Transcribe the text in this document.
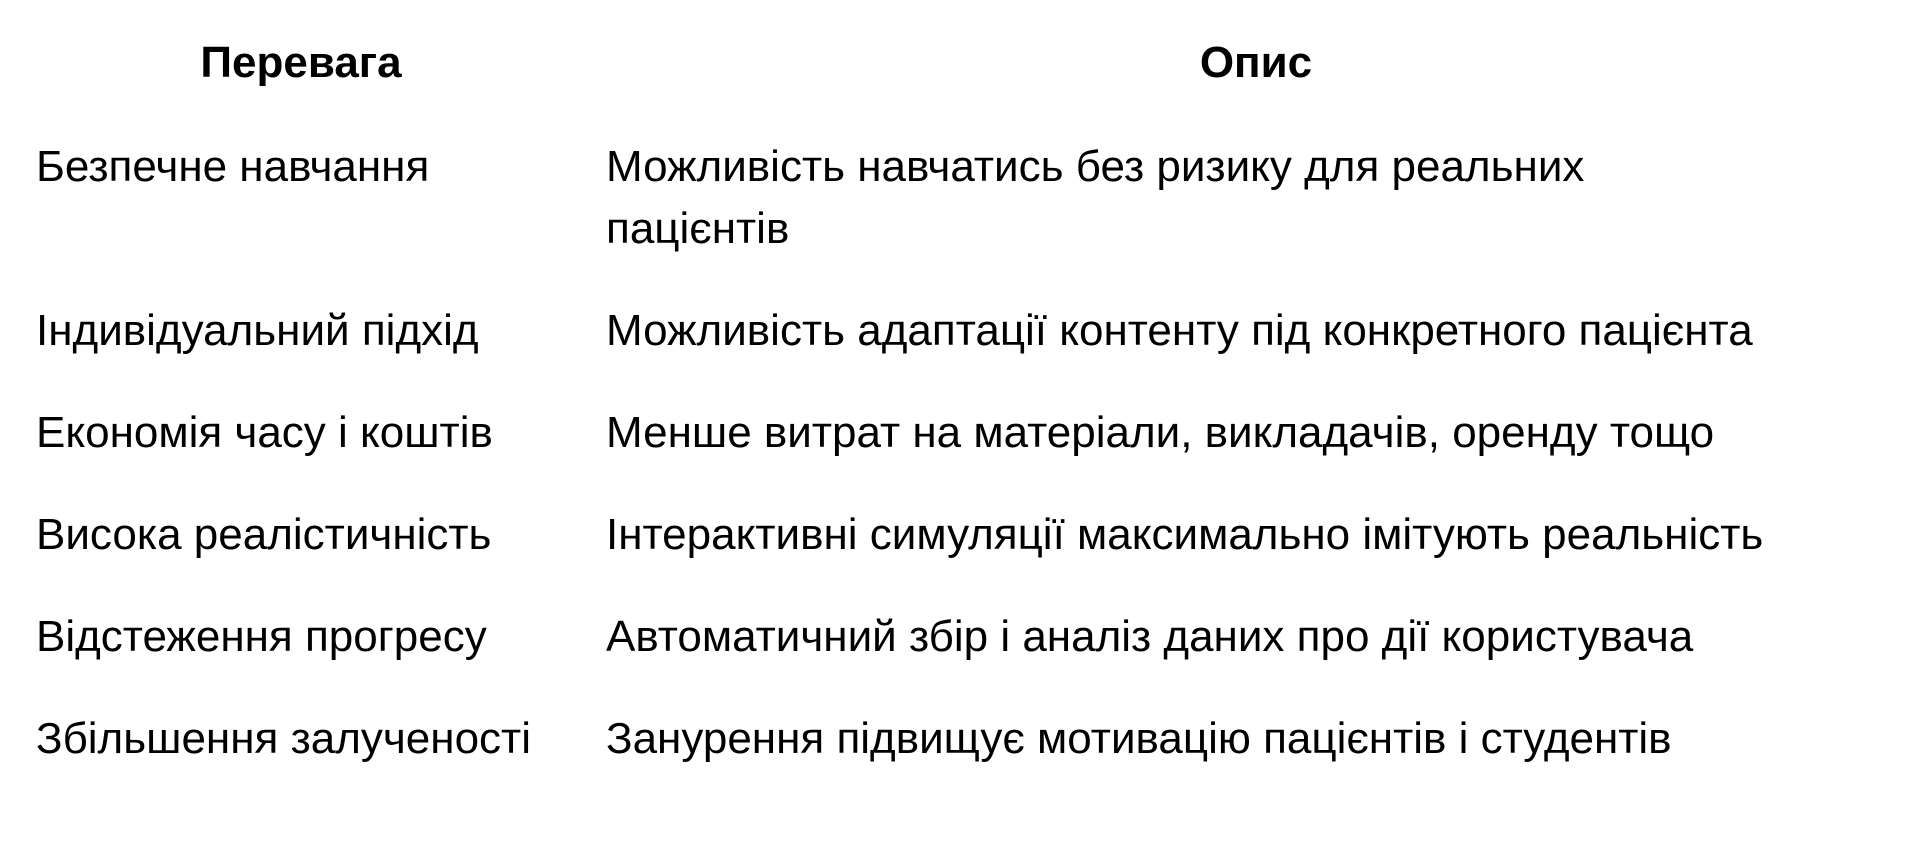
Перевага	Опис
Безпечне навчання	Можливість навчатись без ризику для реальних
пацієнтів

Індивідуальний підхід	Можливість адаптації контенту під конкретного пацієнта
Економія часу і коштів	Менше витрат на матеріали, викладачів, оренду тощо
Висока реалістичність	Інтерактивні симуляції максимально імітують реальність
Відстеження прогресу	Автоматичний збір і аналіз даних про дії користувача
Збільшення залученості	Занурення підвищує мотивацію пацієнтів і студентів
